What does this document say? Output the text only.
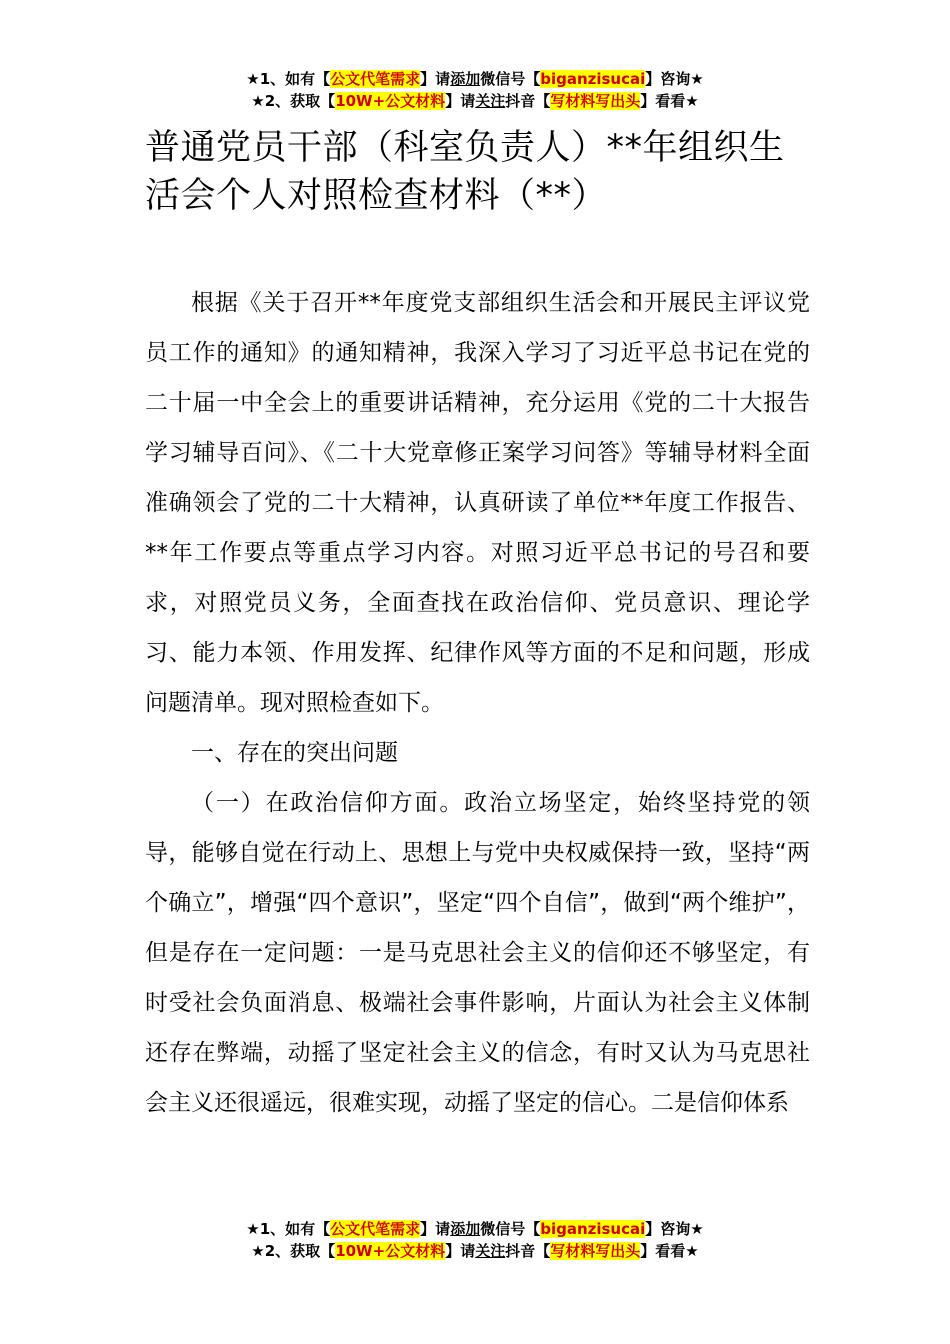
★1、如有【公文代笔需求】请添加微信号【biganzisucai】咨询★
★2、获取【10W+公文材料】请关注抖音【写材料写出头】看看★
普通党员干部（科室负责人）**年组织生活会个人对照检查材料（**）

根据《关于召开**年度党支部组织生活会和开展民主评议党员工作的通知》的通知精神，我深入学习了习近平总书记在党的二十届一中全会上的重要讲话精神，充分运用《党的二十大报告学习辅导百问》、《二十大党章修正案学习问答》等辅导材料全面准确领会了党的二十大精神，认真研读了单位**年度工作报告、**年工作要点等重点学习内容。对照习近平总书记的号召和要求，对照党员义务，全面查找在政治信仰、党员意识、理论学习、能力本领、作用发挥、纪律作风等方面的不足和问题，形成问题清单。现对照检查如下。

一、存在的突出问题

（一）在政治信仰方面。政治立场坚定，始终坚持党的领导，能够自觉在行动上、思想上与党中央权威保持一致，坚持“两个确立”，增强“四个意识”，坚定“四个自信”，做到“两个维护”，但是存在一定问题：一是马克思社会主义的信仰还不够坚定，有时受社会负面消息、极端社会事件影响，片面认为社会主义体制还存在弊端，动摇了坚定社会主义的信念，有时又认为马克思社会主义还很遥远，很难实现，动摇了坚定的信心。二是信仰体系

★1、如有【公文代笔需求】请添加微信号【biganzisucai】咨询★
★2、获取【10W+公文材料】请关注抖音【写材料写出头】看看★
